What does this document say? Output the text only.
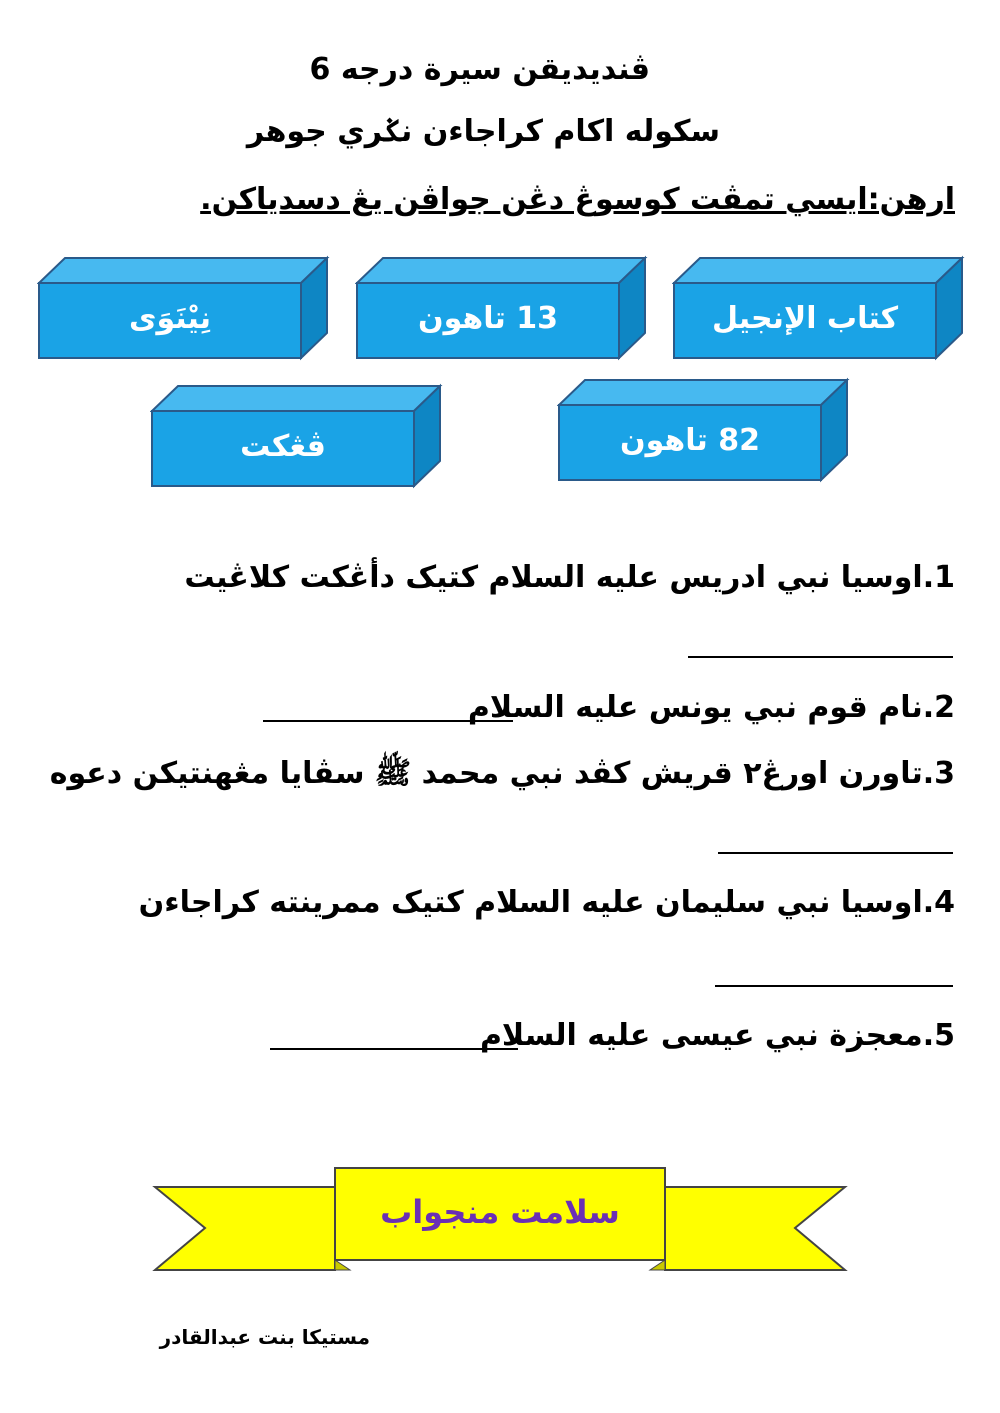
ڤنديديقن سيرة درجه 6
سكوله اکام كراجاءن نݢري جوهر
ارهن:ايسي تمڤت كوسوڠ دڠن جواڤن يڠ دسدياكن.
كتاب الإنجيل
13 تاهون
نِيْنَوَى
82 تاهون
ڤڠكت
1.اوسيا نبي ادريس عليه السلام كتيک دأڠكت كلاڠيت
2.نام قوم نبي يونس عليه السلام
3.تاورن اورڠ٢ قريش كڤد نبي محمد ﷺ سڤايا مڠهنتيكن دعوه
4.اوسيا نبي سليمان عليه السلام كتيک ممرينته كراجاءن
5.معجزة نبي عيسى عليه السلام
سلامت منجواب
مستيكا بنت عبدالقادر
